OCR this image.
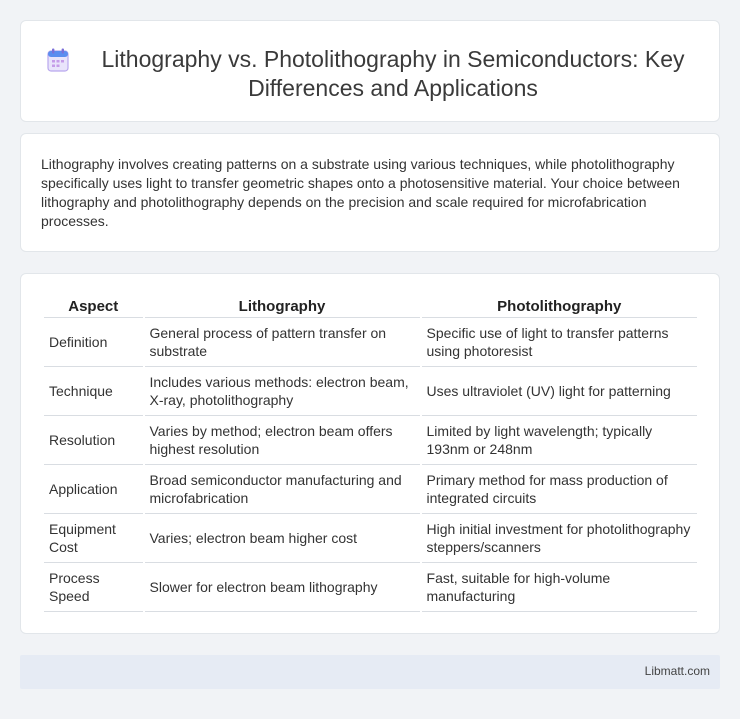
Lithography vs. Photolithography in Semiconductors: Key Differences and Applications

Lithography involves creating patterns on a substrate using various techniques, while photolithography specifically uses light to transfer geometric shapes onto a photosensitive material. Your choice between lithography and photolithography depends on the precision and scale required for microfabrication processes.

Aspect	Lithography	Photolithography
Definition	General process of pattern transfer on substrate	Specific use of light to transfer patterns using photoresist
Technique	Includes various methods: electron beam, X-ray, photolithography	Uses ultraviolet (UV) light for patterning
Resolution	Varies by method; electron beam offers highest resolution	Limited by light wavelength; typically 193nm or 248nm
Application	Broad semiconductor manufacturing and microfabrication	Primary method for mass production of integrated circuits
Equipment Cost	Varies; electron beam higher cost	High initial investment for photolithography steppers/scanners
Process Speed	Slower for electron beam lithography	Fast, suitable for high-volume manufacturing
Libmatt.com
